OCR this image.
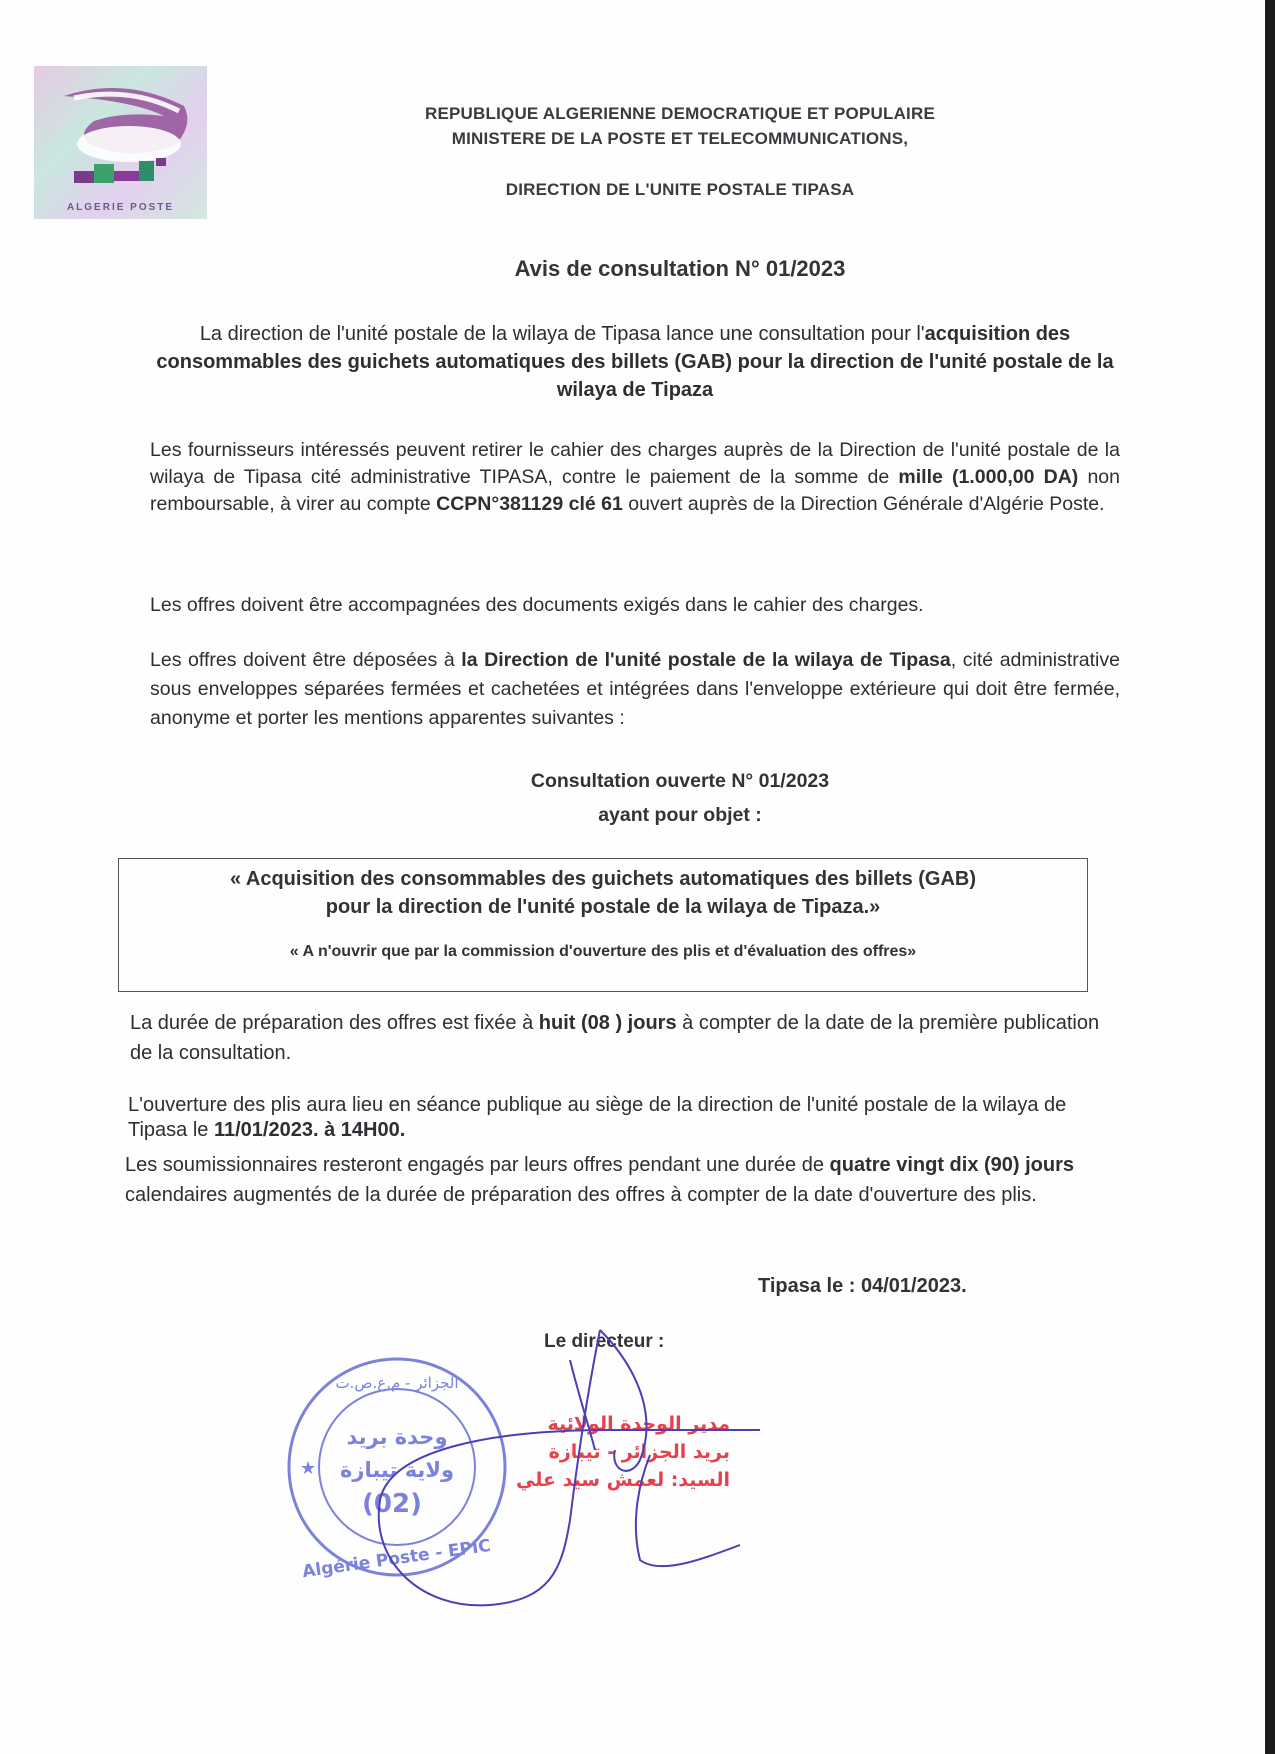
ALGERIE POSTE
REPUBLIQUE ALGERIENNE DEMOCRATIQUE ET POPULAIRE
MINISTERE DE LA POSTE ET TELECOMMUNICATIONS,
DIRECTION DE L'UNITE POSTALE TIPASA
Avis de consultation N° 01/2023
La direction de l'unité postale de la wilaya de Tipasa lance une consultation pour l'acquisition des consommables des guichets automatiques des billets (GAB) pour la direction de l'unité postale de la wilaya de Tipaza
Les fournisseurs intéressés peuvent retirer le cahier des charges auprès de la Direction de l'unité postale de la wilaya de Tipasa cité administrative TIPASA, contre le paiement de la somme de mille (1.000,00 DA) non remboursable, à virer au compte CCPN°381129 clé 61 ouvert auprès de la Direction Générale d'Algérie Poste.
Les offres doivent être accompagnées des documents exigés dans le cahier des charges.
Les offres doivent être déposées à la Direction de l'unité postale de la wilaya de Tipasa, cité administrative sous enveloppes séparées fermées et cachetées et intégrées dans l'enveloppe extérieure qui doit être fermée, anonyme et porter les mentions apparentes suivantes :
Consultation ouverte N° 01/2023
ayant pour objet :
« Acquisition des consommables des guichets automatiques des billets (GAB)
pour la direction de l'unité postale de la wilaya de Tipaza.»
« A n'ouvrir que par la commission d'ouverture des plis et d'évaluation des offres»
La durée de préparation des offres est fixée à huit (08 ) jours à compter de la date de la première publication de la consultation.
L'ouverture des plis aura lieu en séance publique au siège de la direction de l'unité postale de la wilaya de Tipasa le 11/01/2023. à 14H00.
Les soumissionnaires resteront engagés par leurs offres pendant une durée de quatre vingt dix (90) jours calendaires augmentés de la durée de préparation des offres à compter de la date d'ouverture des plis.
Tipasa le : 04/01/2023.
Le directeur :
الجزائر - م.ع.ص.ت
★
وحدة بريد
ولاية تيبازة
(02)
Algérie Poste - EPIC
مدير الوحدة الولائية
بريد الجزائر - تيبازة
السيد: لعمش سيد علي
